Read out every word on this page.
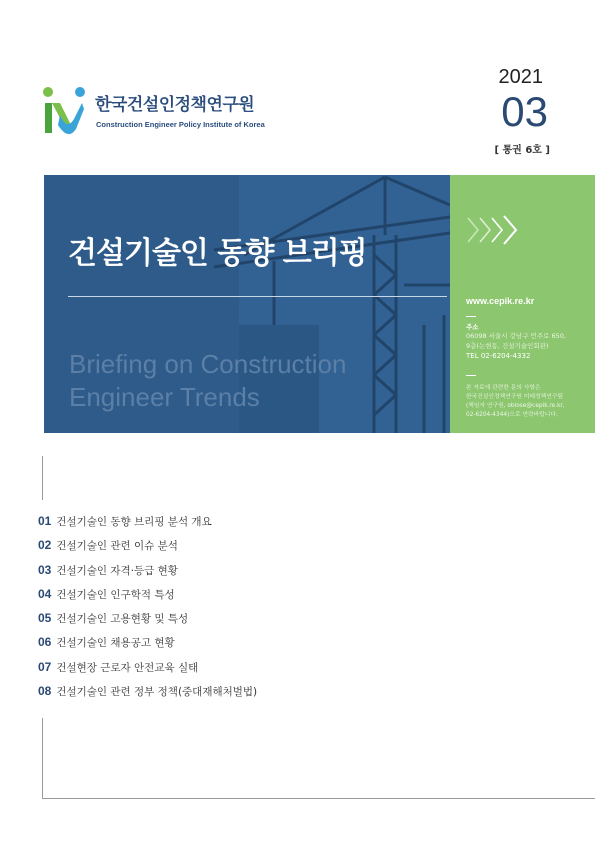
한국건설인정책연구원
Construction Engineer Policy Institute of Korea
2021
03
[ 통권 6호 ]
건설기술인 동향 브리핑
Briefing on Construction
Engineer Trends
www.cepik.re.kr
주소
06098 서울시 강남구 언주로 650,
9층(논현동, 건설기술인회관)
TEL 02-6204-4332
본 자료에 관련한 문의 사항은
한국건설인정책연구원 미래정책연구팀
(책임자 연구원, oblose@cepik.re.kr,
02-6204-4344)으로 연락바랍니다.
01 건설기술인 동향 브리핑 분석 개요
02 건설기술인 관련 이슈 분석
03 건설기술인 자격·등급 현황
04 건설기술인 인구학적 특성
05 건설기술인 고용현황 및 특성
06 건설기술인 채용공고 현황
07 건설현장 근로자 안전교육 실태
08 건설기술인 관련 정부 정책(중대재해처벌법)
